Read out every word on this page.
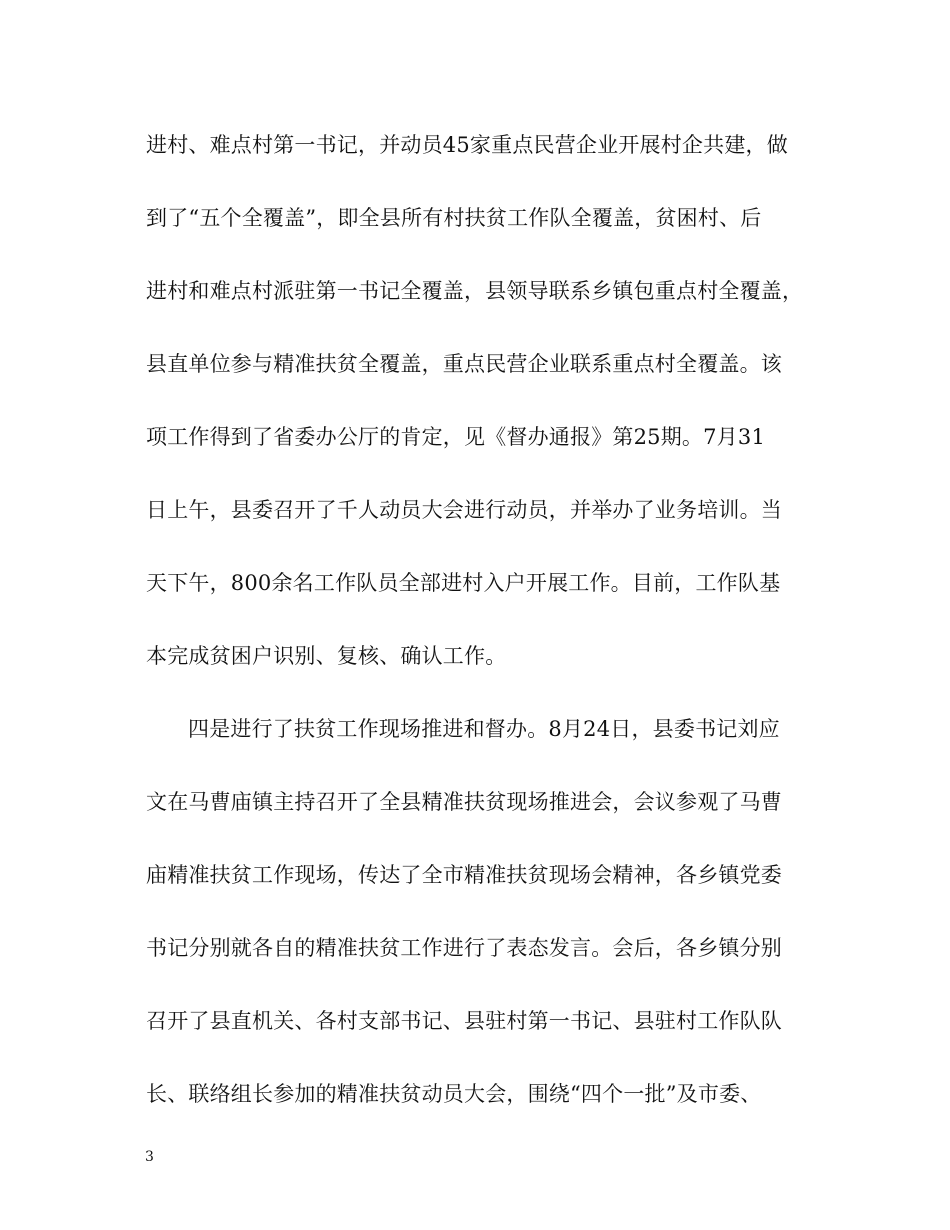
进村、难点村第一书记，并动员45家重点民营企业开展村企共建，做
到了“五个全覆盖”，即全县所有村扶贫工作队全覆盖，贫困村、后
进村和难点村派驻第一书记全覆盖，县领导联系乡镇包重点村全覆盖，
县直单位参与精准扶贫全覆盖，重点民营企业联系重点村全覆盖。该
项工作得到了省委办公厅的肯定，见《督办通报》第25期。7月31
日上午，县委召开了千人动员大会进行动员，并举办了业务培训。当
天下午，800余名工作队员全部进村入户开展工作。目前，工作队基
本完成贫困户识别、复核、确认工作。
四是进行了扶贫工作现场推进和督办。8月24日，县委书记刘应
文在马曹庙镇主持召开了全县精准扶贫现场推进会，会议参观了马曹
庙精准扶贫工作现场，传达了全市精准扶贫现场会精神，各乡镇党委
书记分别就各自的精准扶贫工作进行了表态发言。会后，各乡镇分别
召开了县直机关、各村支部书记、县驻村第一书记、县驻村工作队队
长、联络组长参加的精准扶贫动员大会，围绕“四个一批”及市委、
3
